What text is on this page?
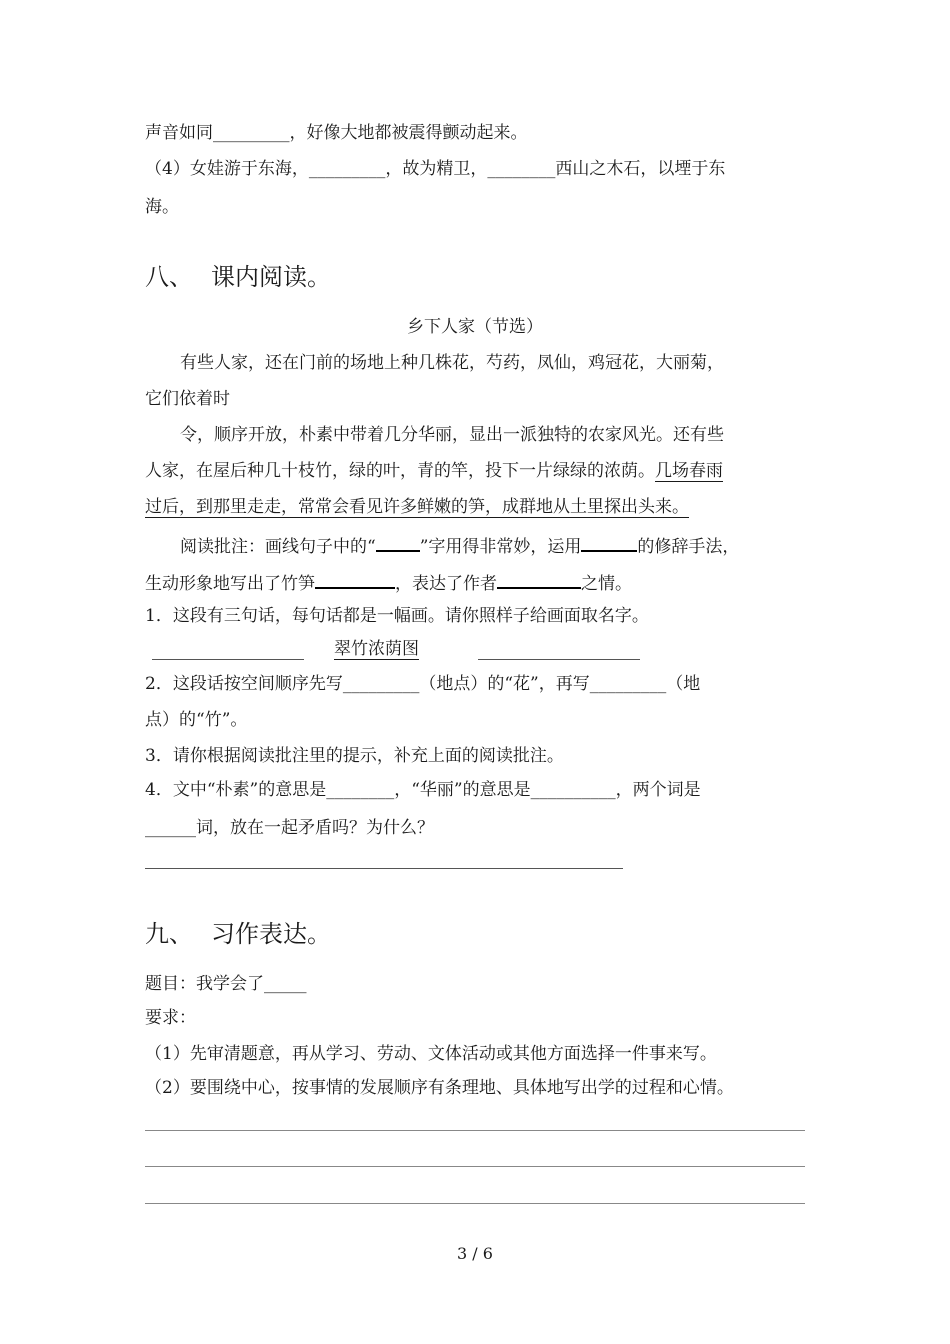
声音如同_________，好像大地都被震得颤动起来。
（4）女娃游于东海，_________，故为精卫，________西山之木石，以堙于东
海。
八、 课内阅读。
乡下人家（节选）
有些人家，还在门前的场地上种几株花，芍药，凤仙，鸡冠花，大丽菊，
它们依着时
令，顺序开放，朴素中带着几分华丽，显出一派独特的农家风光。还有些
人家，在屋后种几十枝竹，绿的叶，青的竿，投下一片绿绿的浓荫。几场春雨
过后，到那里走走，常常会看见许多鲜嫩的笋，成群地从土里探出头来。
阅读批注：画线句子中的“	”字用得非常妙，运用	的修辞手法，
生动形象地写出了竹笋	，表达了作者	之情。
1．这段有三句话，每句话都是一幅画。请你照样子给画面取名字。
翠竹浓荫图
2．这段话按空间顺序先写_________（地点）的“花”，再写_________（地
点）的“竹”。
3．请你根据阅读批注里的提示，补充上面的阅读批注。
4．文中“朴素”的意思是________，“华丽”的意思是__________，两个词是
______词，放在一起矛盾吗？为什么？
九、 习作表达。
题目：我学会了_____
要求：
（1）先审清题意，再从学习、劳动、文体活动或其他方面选择一件事来写。
（2）要围绕中心，按事情的发展顺序有条理地、具体地写出学的过程和心情。
3 / 6
